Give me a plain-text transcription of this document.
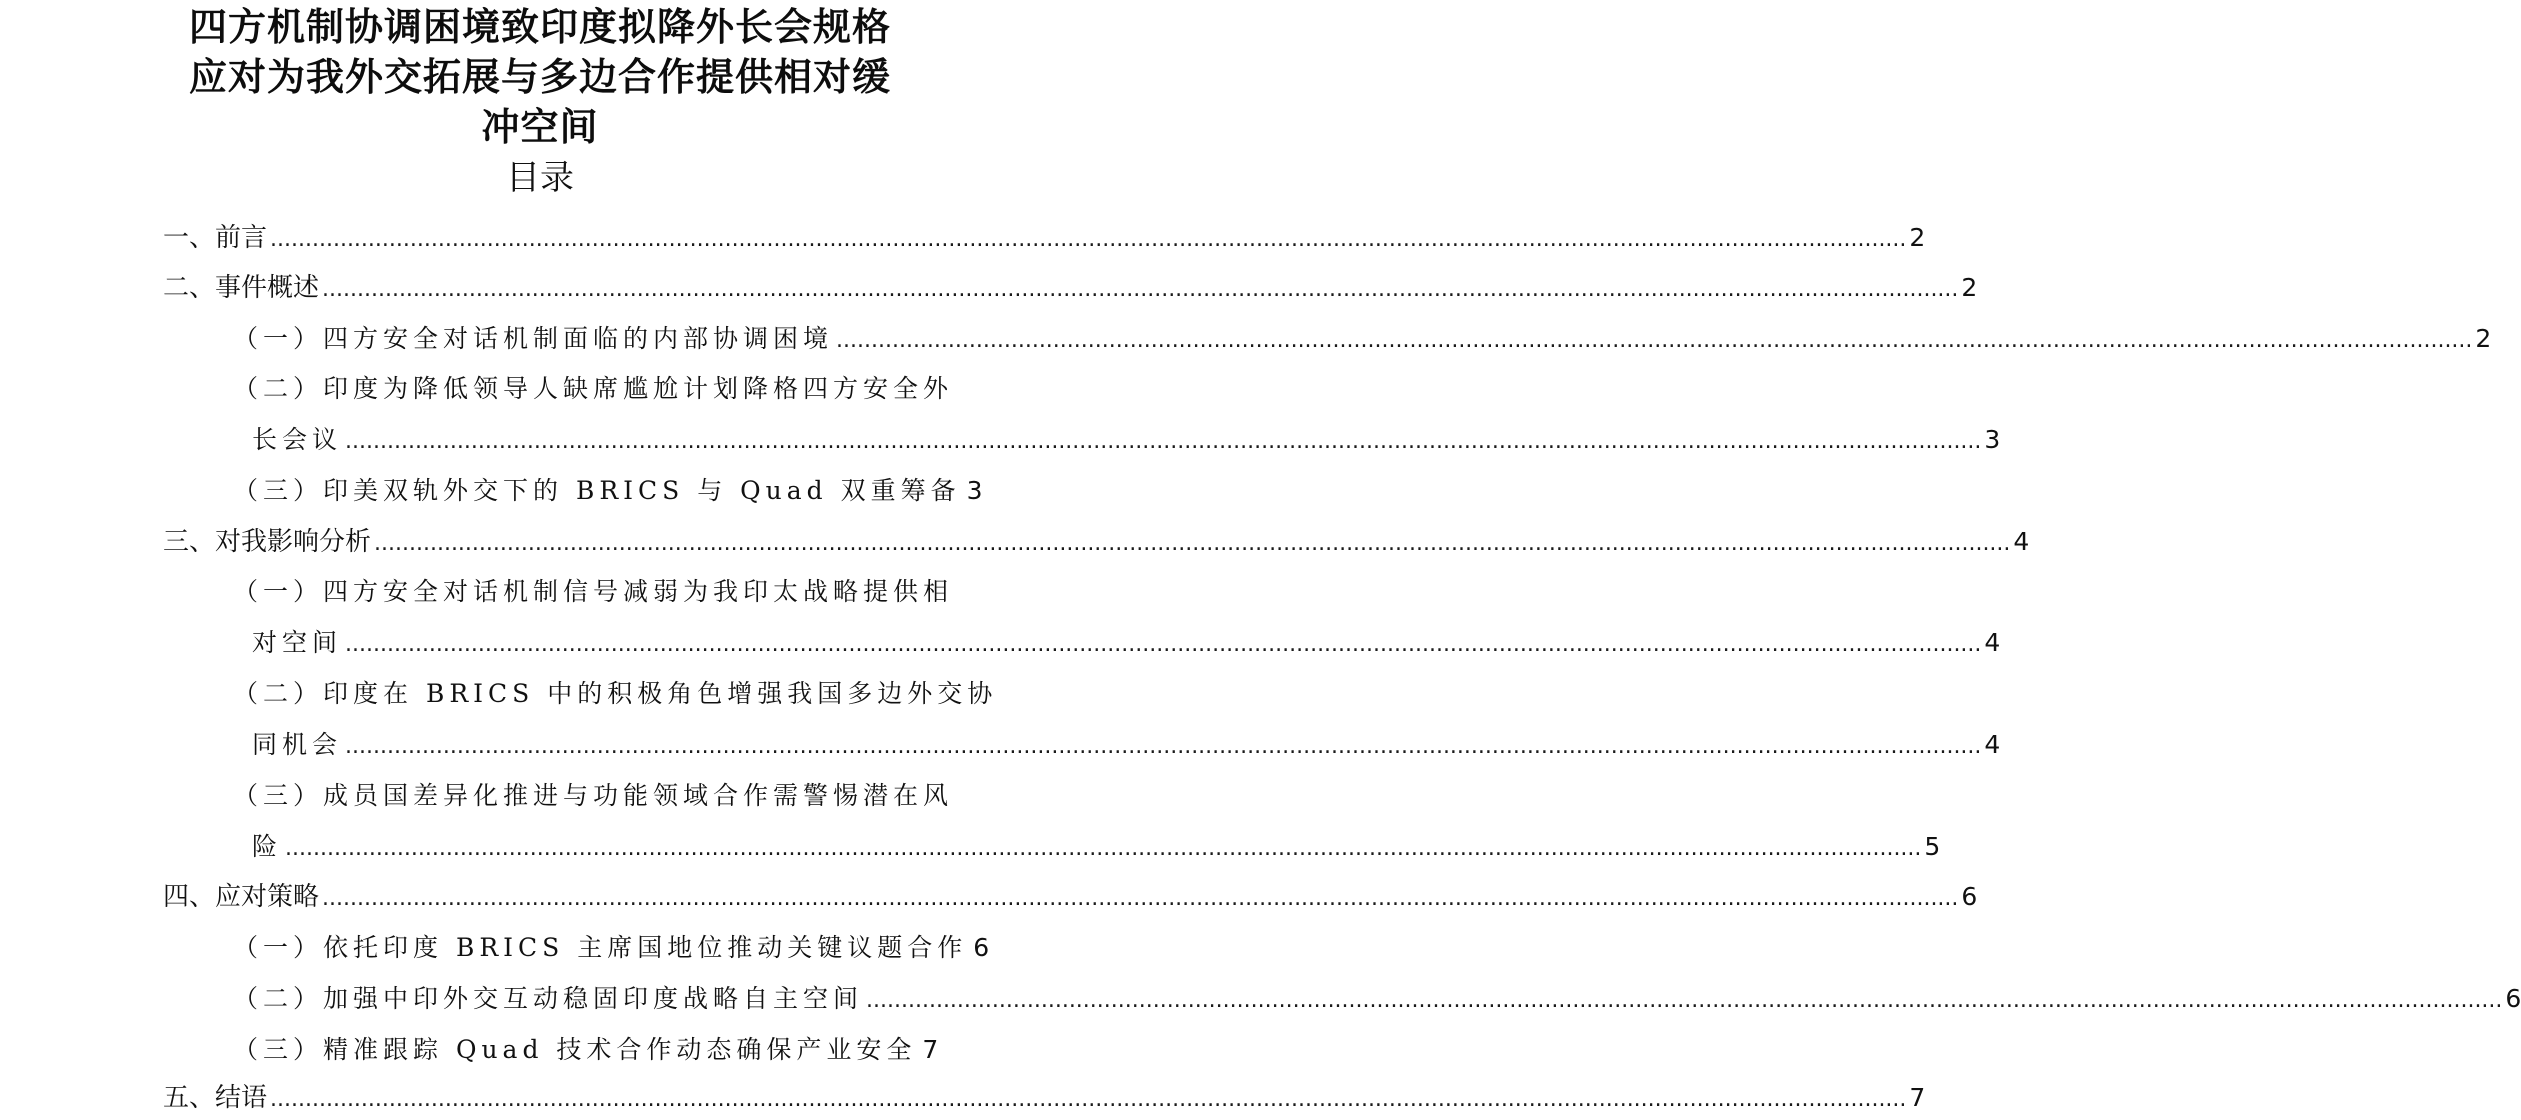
四方机制协调困境致印度拟降外长会规格
应对为我外交拓展与多边合作提供相对缓
冲空间
目录
一、前言 .....	2
二、事件概述 .....	2
（一）四方安全对话机制面临的内部协调困境 .....	2
（二）印度为降低领导人缺席尴尬计划降格四方安全外
长会议 .....	3
（三）印美双轨外交下的 BRICS 与 Quad 双重筹备 3
三、对我影响分析 .....	4
（一）四方安全对话机制信号减弱为我印太战略提供相
对空间 .....	4
（二）印度在 BRICS 中的积极角色增强我国多边外交协
同机会 .....	4
（三）成员国差异化推进与功能领域合作需警惕潜在风
险 .....	5
四、应对策略 .....	6
（一）依托印度 BRICS 主席国地位推动关键议题合作 6
（二）加强中印外交互动稳固印度战略自主空间 .....	6
（三）精准跟踪 Quad 技术合作动态确保产业安全 7
五、结语 .....	7
